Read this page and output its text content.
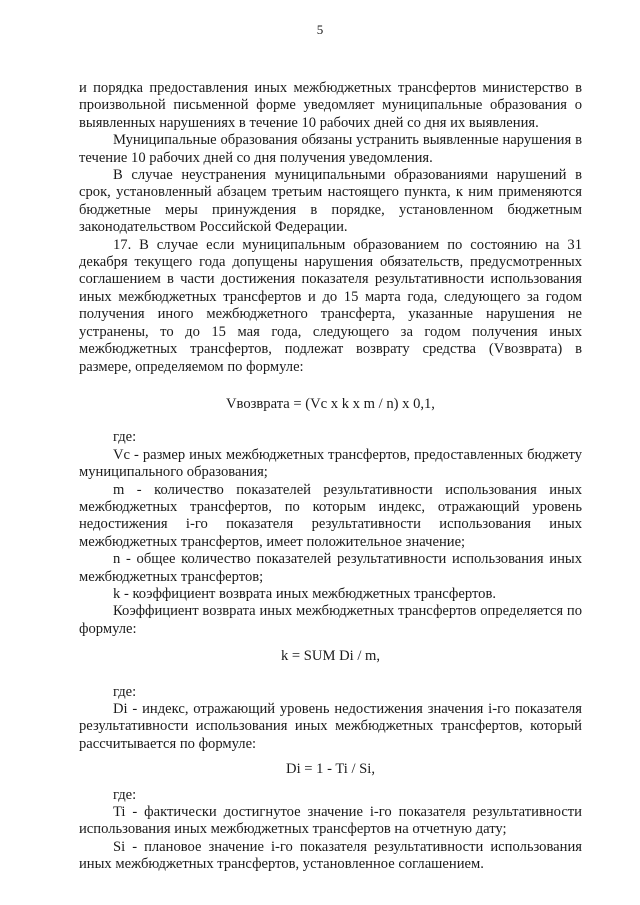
5

и порядка предоставления иных межбюджетных трансфертов министерство в произвольной письменной форме уведомляет муниципальные образования о выявленных нарушениях в течение 10 рабочих дней со дня их выявления.

Муниципальные образования обязаны устранить выявленные нарушения в течение 10 рабочих дней со дня получения уведомления.

В случае неустранения муниципальными образованиями нарушений в срок, установленный абзацем третьим настоящего пункта, к ним применяются бюджетные меры принуждения в порядке, установленном бюджетным законодательством Российской Федерации.

17. В случае если муниципальным образованием по состоянию на 31 декабря текущего года допущены нарушения обязательств, предусмотренных соглашением в части достижения показателя результативности использования иных межбюджетных трансфертов и до 15 марта года, следующего за годом получения иного межбюджетного трансферта, указанные нарушения не устранены, то до 15 мая года, следующего за годом получения иных межбюджетных трансфертов, подлежат возврату средства (Vвозврата) в размере, определяемом по формуле:

Vвозврата = (Vc x k x m / n) x 0,1,

где:

Vc - размер иных межбюджетных трансфертов, предоставленных бюджету муниципального образования;

m - количество показателей результативности использования иных межбюджетных трансфертов, по которым индекс, отражающий уровень недостижения i-го показателя результативности использования иных межбюджетных трансфертов, имеет положительное значение;

n - общее количество показателей результативности использования иных межбюджетных трансфертов;

k - коэффициент возврата иных межбюджетных трансфертов.

Коэффициент возврата иных межбюджетных трансфертов определяется по формуле:

k = SUM Di / m,

где:

Di - индекс, отражающий уровень недостижения значения i-го показателя результативности использования иных межбюджетных трансфертов, который рассчитывается по формуле:

Di = 1 - Ti / Si,

где:

Ti - фактически достигнутое значение i-го показателя результативности использования иных межбюджетных трансфертов на отчетную дату;

Si - плановое значение i-го показателя результативности использования иных межбюджетных трансфертов, установленное соглашением.
